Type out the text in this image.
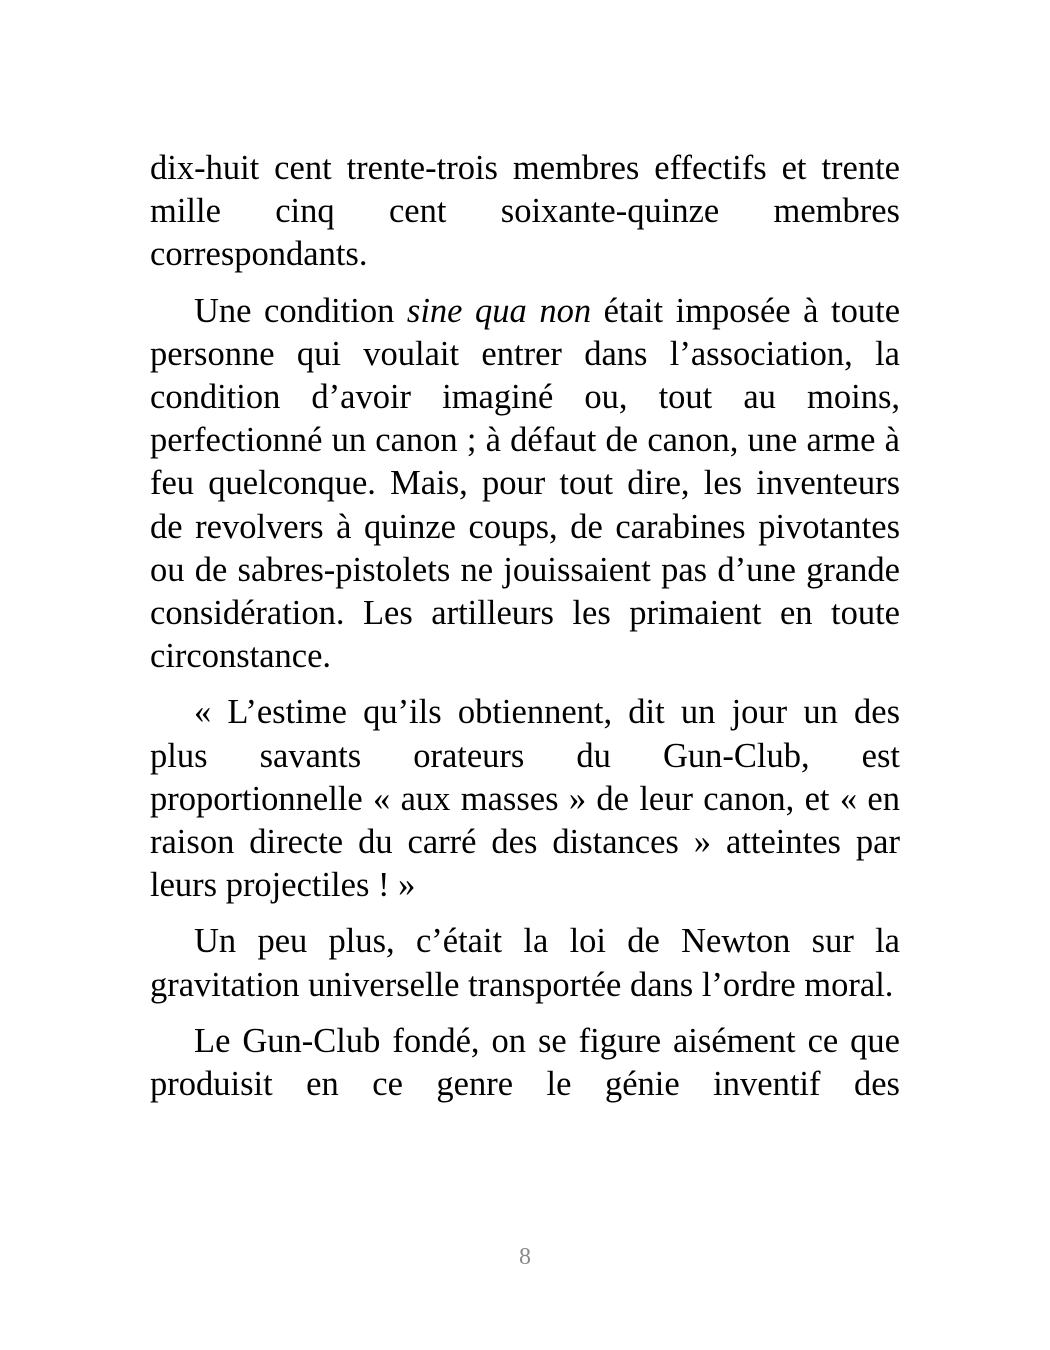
dix-huit cent trente-trois membres effectifs et trente mille cinq cent soixante-quinze membres correspondants.

Une condition sine qua non était imposée à toute personne qui voulait entrer dans l’association, la condition d’avoir imaginé ou, tout au moins, perfectionné un canon ; à défaut de canon, une arme à feu quelconque. Mais, pour tout dire, les inventeurs de revolvers à quinze coups, de carabines pivotantes ou de sabres-pistolets ne jouissaient pas d’une grande considération. Les artilleurs les primaient en toute circonstance.

« L’estime qu’ils obtiennent, dit un jour un des plus savants orateurs du Gun-Club, est proportionnelle « aux masses » de leur canon, et « en raison directe du carré des distances » atteintes par leurs projectiles ! »

Un peu plus, c’était la loi de Newton sur la gravitation universelle transportée dans l’ordre moral.

Le Gun-Club fondé, on se figure aisément ce que produisit en ce genre le génie inventif des

8
